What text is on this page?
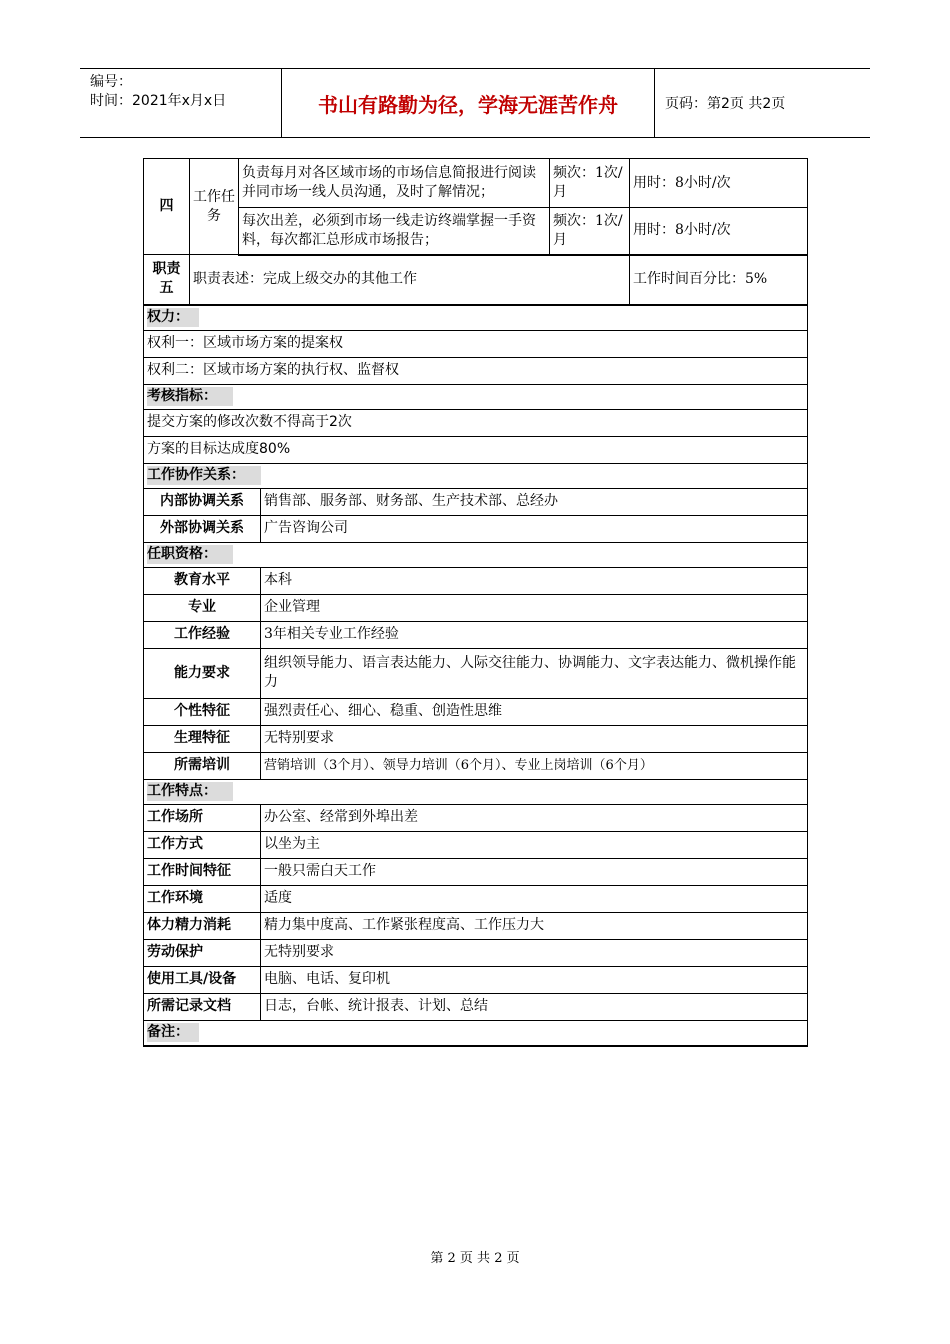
编号：
时间：2021年x月x日	书山有路勤为径，学海无涯苦作舟	页码：第2页 共2页
四	工作任务	负责每月对各区域市场的市场信息简报进行阅读并同市场一线人员沟通，及时了解情况；		频次：1次/月	用时：8小时/次
		每次出差，必须到市场一线走访终端掌握一手资料，每次都汇总形成市场报告；		频次：1次/月	用时：8小时/次
职责五	职责表述：完成上级交办的其他工作				工作时间百分比：5%
权力：					
权利一：区域市场方案的提案权					
权利二：区域市场方案的执行权、监督权					
考核指标：					
提交方案的修改次数不得高于2次					
方案的目标达成度80%					
工作协作关系：					
内部协调关系			销售部、服务部、财务部、生产技术部、总经办		
外部协调关系			广告咨询公司		
任职资格：					
教育水平			本科		
专业			企业管理		
工作经验			3年相关专业工作经验		
能力要求			组织领导能力、语言表达能力、人际交往能力、协调能力、文字表达能力、微机操作能力		
个性特征			强烈责任心、细心、稳重、创造性思维		
生理特征			无特别要求		
所需培训			营销培训（3个月）、领导力培训（6个月）、专业上岗培训（6个月）		
工作特点：					
工作场所			办公室、经常到外埠出差		
工作方式			以坐为主		
工作时间特征			一般只需白天工作		
工作环境			适度		
体力精力消耗			精力集中度高、工作紧张程度高、工作压力大		
劳动保护			无特别要求		
使用工具/设备			电脑、电话、复印机		
所需记录文档			日志，台帐、统计报表、计划、总结		
备注：					
第 2 页 共 2 页
